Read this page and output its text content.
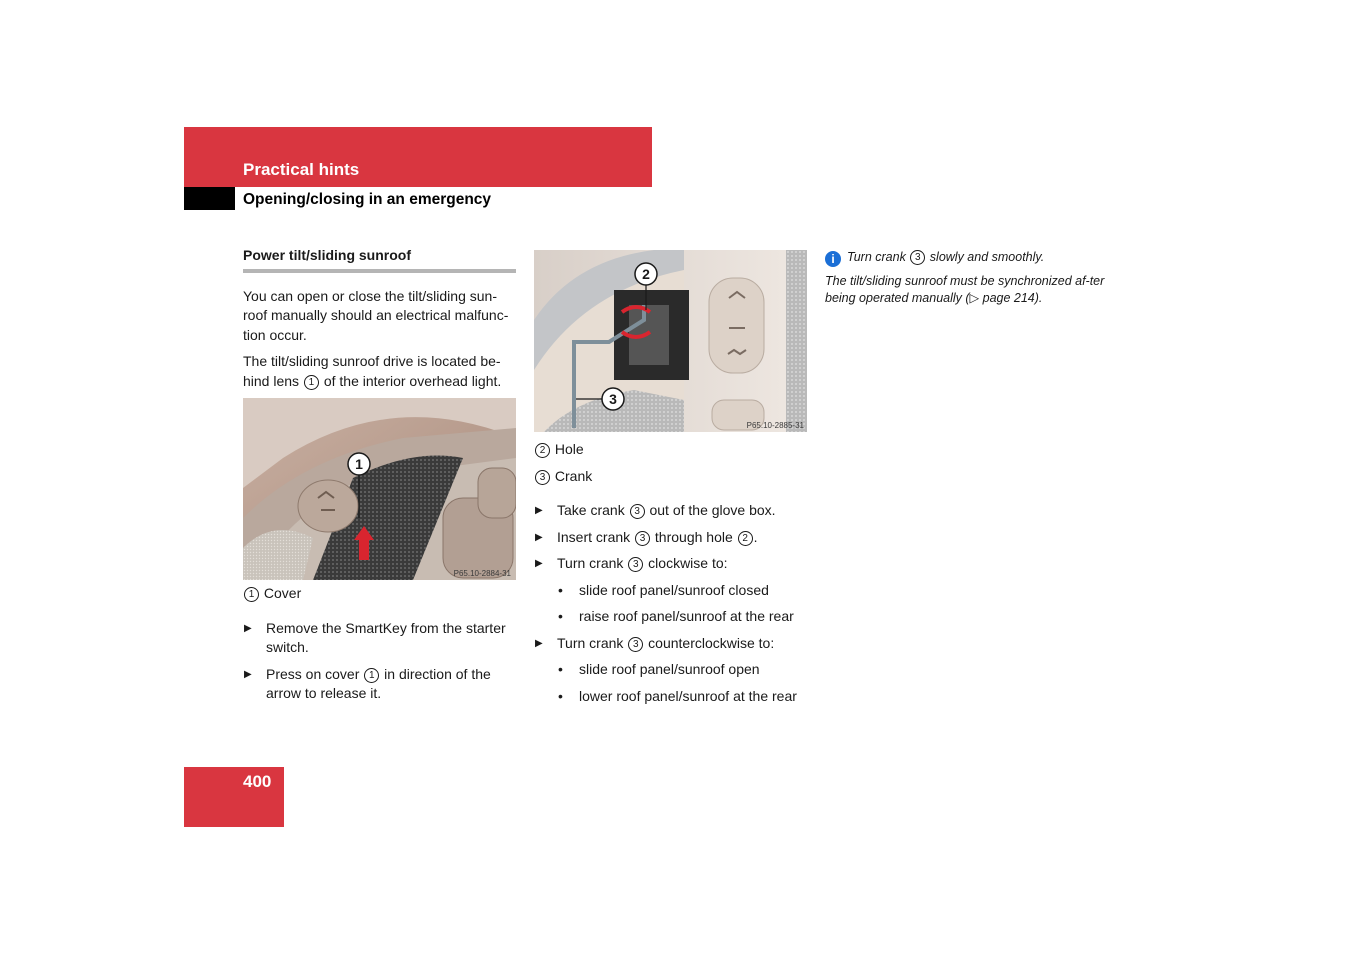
Practical hints
Opening/closing in an emergency
Power tilt/sliding sunroof

You can open or close the tilt/sliding sun-roof manually should an electrical malfunc-tion occur.

The tilt/sliding sunroof drive is located be-hind lens 1 of the interior overhead light.

1
P65.10-2884-31

1 Cover

▶ Remove the SmartKey from the starter switch.

▶ Press on cover 1 in direction of the arrow to release it.

2
3
P65.10-2885-31

2 Hole

3 Crank

▶ Take crank 3 out of the glove box.

▶ Insert crank 3 through hole 2 .

▶ Turn crank 3 clockwise to:

• slide roof panel/sunroof closed

• raise roof panel/sunroof at the rear

▶ Turn crank 3 counterclockwise to:

• slide roof panel/sunroof open

• lower roof panel/sunroof at the rear

i Turn crank 3 slowly and smoothly.

The tilt/sliding sunroof must be synchronized af-ter being operated manually (▷ page 214).

400
